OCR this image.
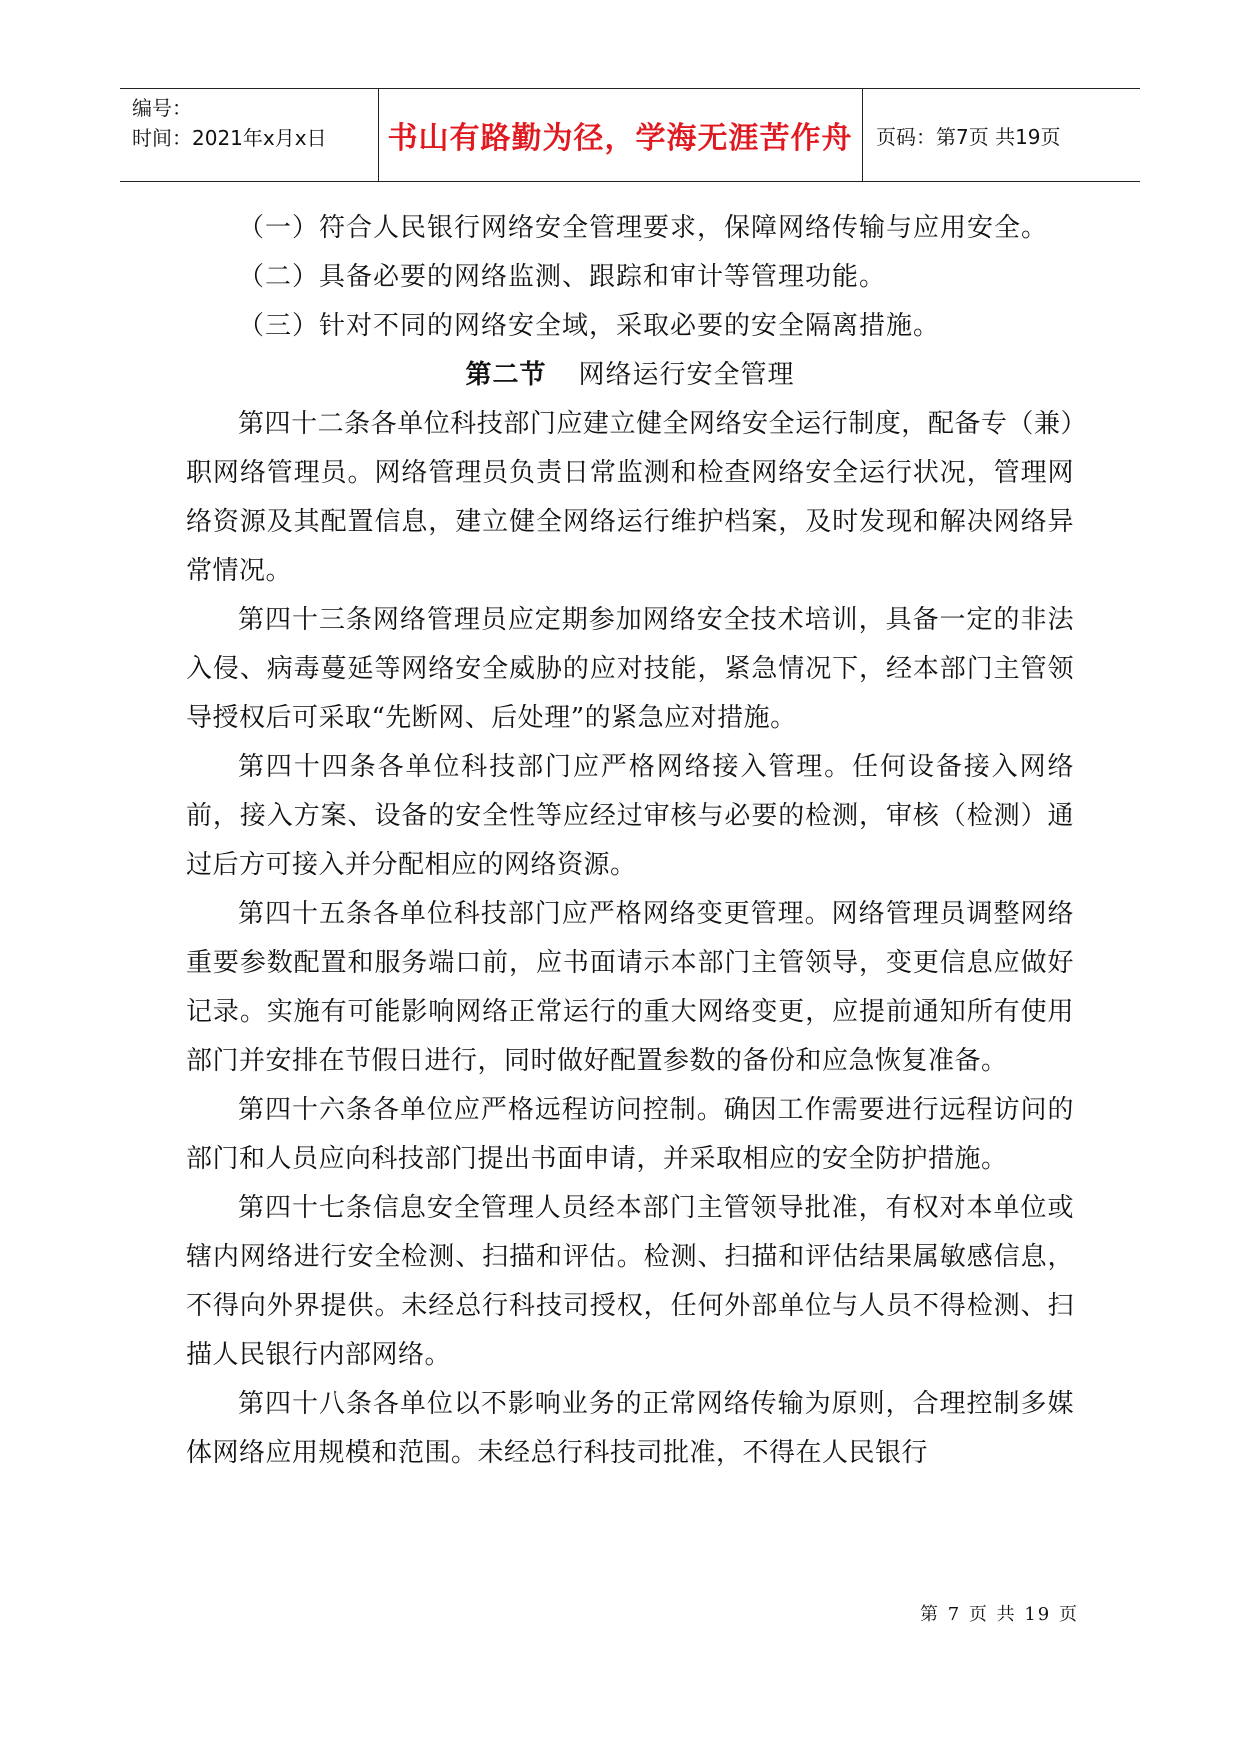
编号：
时间：2021年x月x日	书山有路勤为径，学海无涯苦作舟	页码：第7页 共19页

（一）符合人民银行网络安全管理要求，保障网络传输与应用安全。

（二）具备必要的网络监测、跟踪和审计等管理功能。

（三）针对不同的网络安全域，采取必要的安全隔离措施。

第二节 网络运行安全管理

第四十二条各单位科技部门应建立健全网络安全运行制度，配备专（兼）职网络管理员。网络管理员负责日常监测和检查网络安全运行状况，管理网络资源及其配置信息，建立健全网络运行维护档案，及时发现和解决网络异常情况。

第四十三条网络管理员应定期参加网络安全技术培训，具备一定的非法入侵、病毒蔓延等网络安全威胁的应对技能，紧急情况下，经本部门主管领导授权后可采取“先断网、后处理”的紧急应对措施。

第四十四条各单位科技部门应严格网络接入管理。任何设备接入网络前，接入方案、设备的安全性等应经过审核与必要的检测，审核（检测）通过后方可接入并分配相应的网络资源。

第四十五条各单位科技部门应严格网络变更管理。网络管理员调整网络重要参数配置和服务端口前，应书面请示本部门主管领导，变更信息应做好记录。实施有可能影响网络正常运行的重大网络变更，应提前通知所有使用部门并安排在节假日进行，同时做好配置参数的备份和应急恢复准备。

第四十六条各单位应严格远程访问控制。确因工作需要进行远程访问的部门和人员应向科技部门提出书面申请，并采取相应的安全防护措施。

第四十七条信息安全管理人员经本部门主管领导批准，有权对本单位或辖内网络进行安全检测、扫描和评估。检测、扫描和评估结果属敏感信息，不得向外界提供。未经总行科技司授权，任何外部单位与人员不得检测、扫描人民银行内部网络。

第四十八条各单位以不影响业务的正常网络传输为原则，合理控制多媒体网络应用规模和范围。未经总行科技司批准，不得在人民银行

第 7 页 共 19 页
